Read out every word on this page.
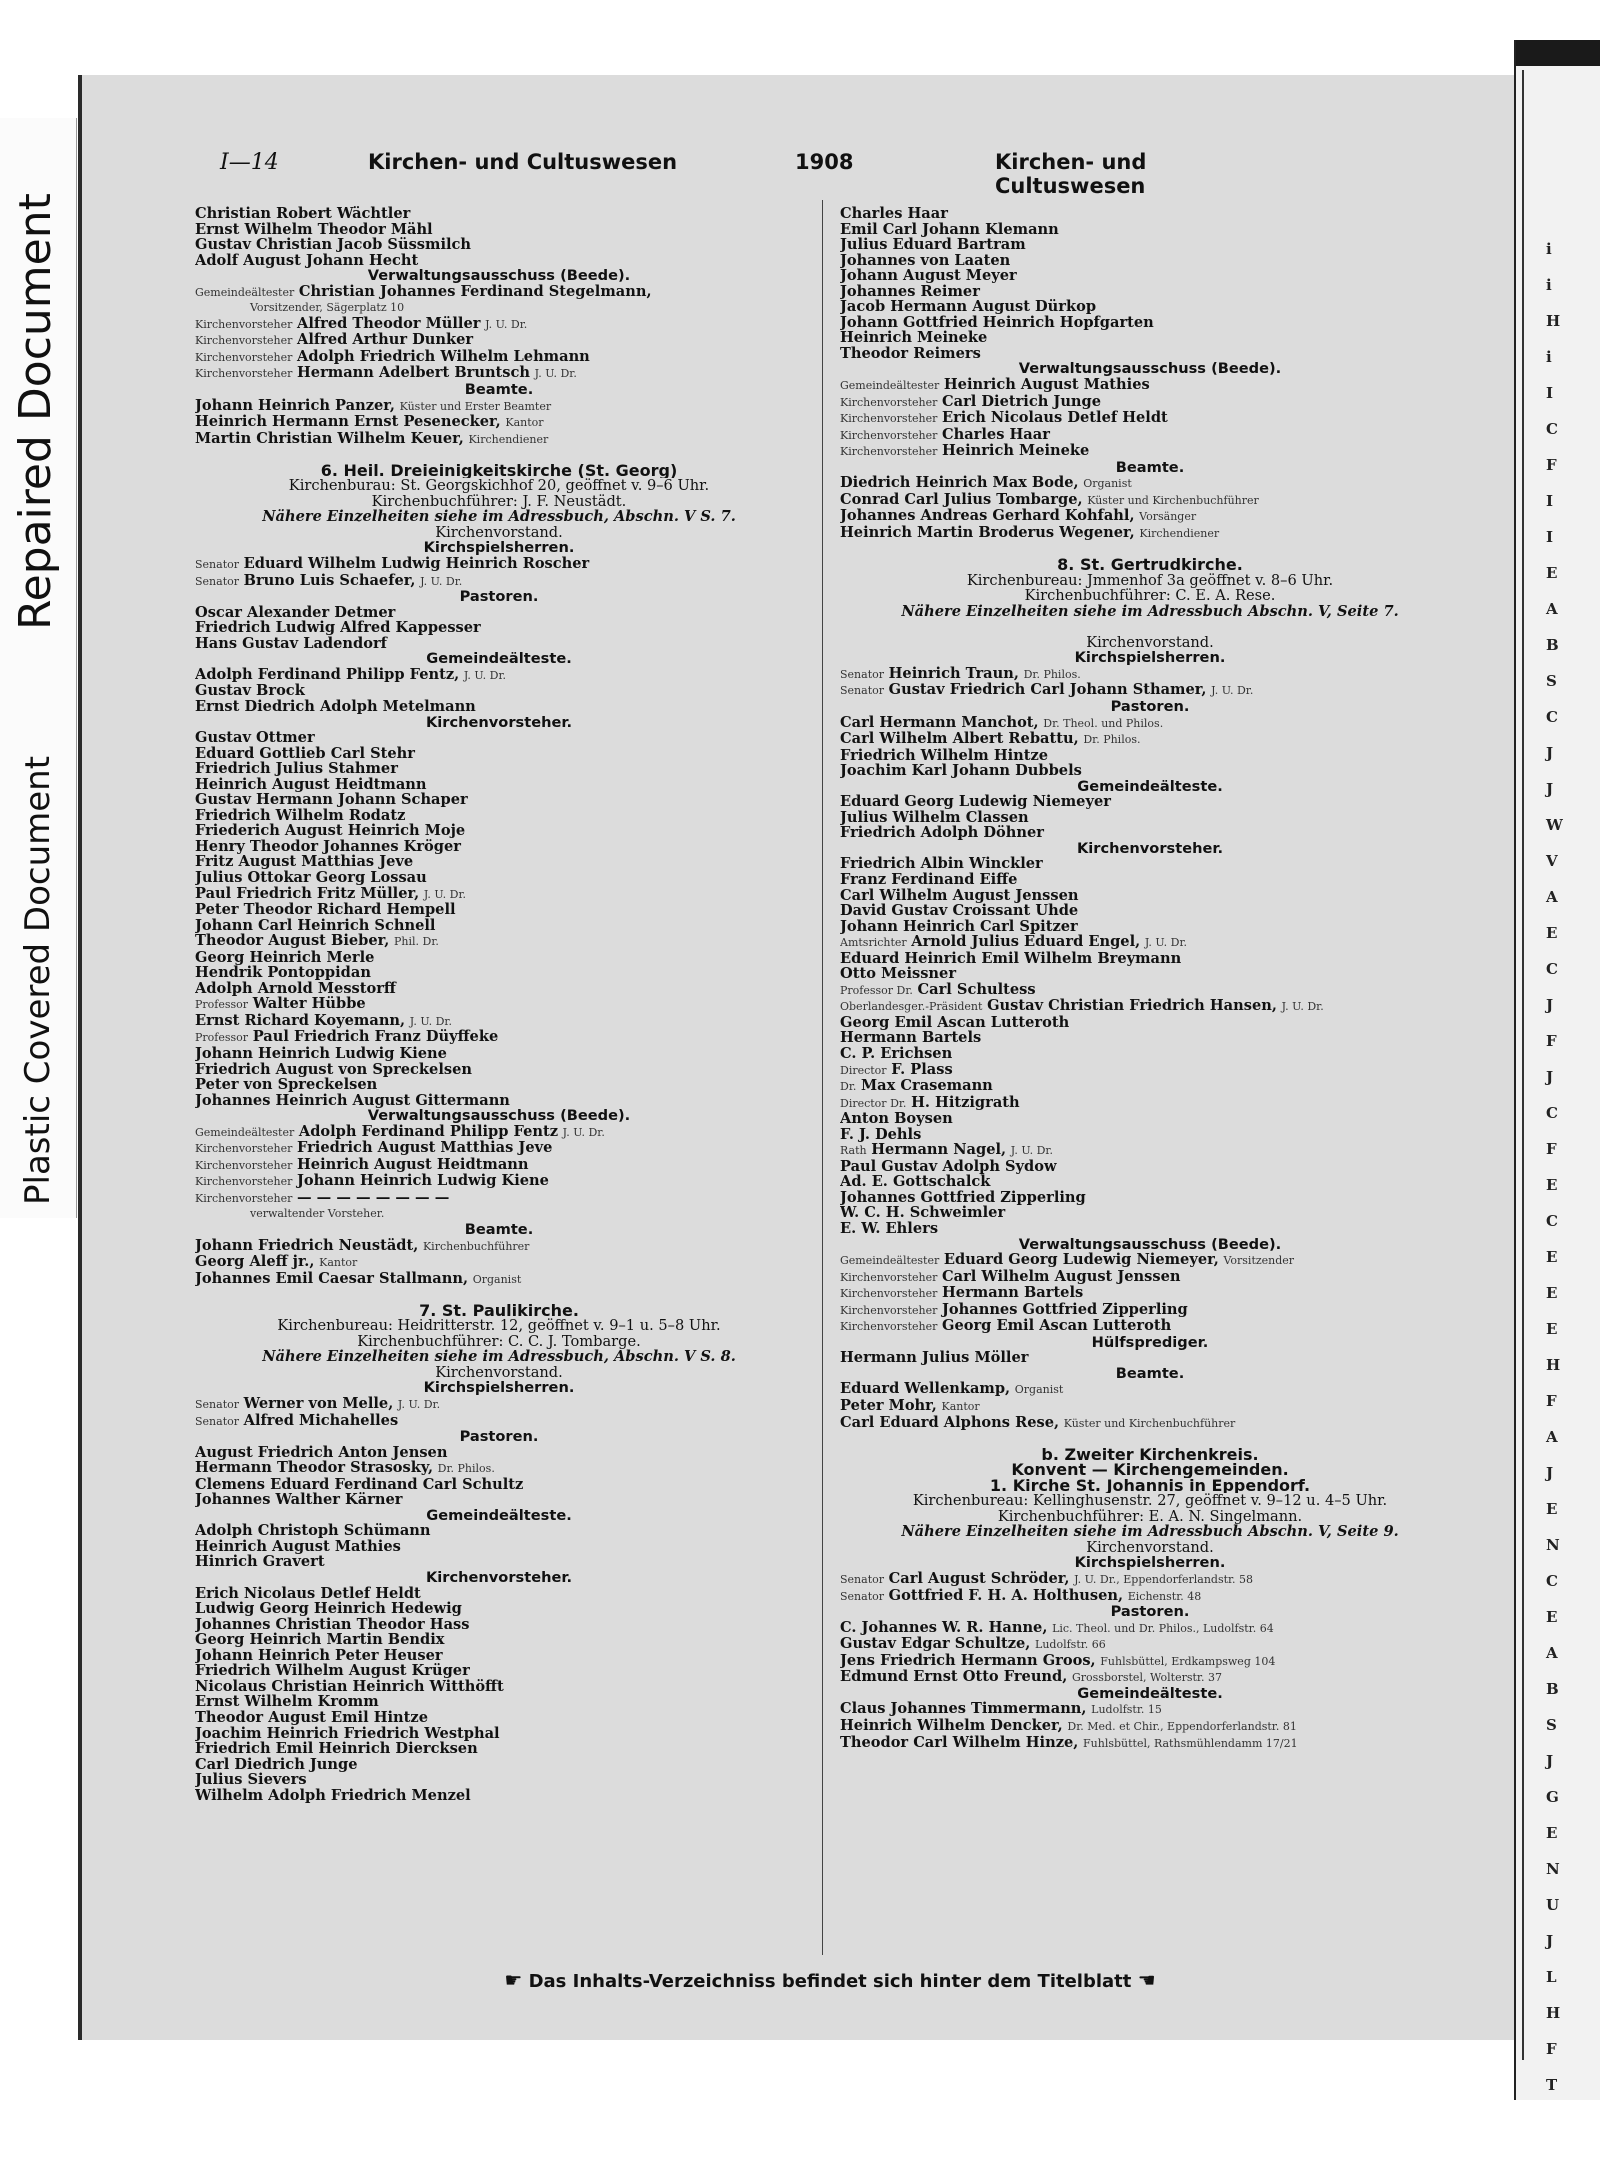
Repaired Document
Plastic Covered Document
i
i
H
i
I
C
F
I
I
E
A
B
S
C
J
J
W
V
A
E
C
J
F
J
C
F
E
C
E
E
E
H
F
A
J
E
N
C
E
A
B
S
J
G
E
N
U
J
L
H
F
T
I—14	Kirchen- und Cultuswesen	1908	Kirchen- und Cultuswesen
Christian Robert Wächtler
Ernst Wilhelm Theodor Mähl
Gustav Christian Jacob Süssmilch
Adolf August Johann Hecht
Verwaltungsausschuss (Beede).
Gemeindeältester Christian Johannes Ferdinand Stegelmann,
Vorsitzender, Sägerplatz 10
Kirchenvorsteher Alfred Theodor Müller J. U. Dr.
Kirchenvorsteher Alfred Arthur Dunker
Kirchenvorsteher Adolph Friedrich Wilhelm Lehmann
Kirchenvorsteher Hermann Adelbert Bruntsch J. U. Dr.
Beamte.
Johann Heinrich Panzer, Küster und Erster Beamter
Heinrich Hermann Ernst Pesenecker, Kantor
Martin Christian Wilhelm Keuer, Kirchendiener

6. Heil. Dreieinigkeitskirche (St. Georg)
Kirchenburau: St. Georgskichhof 20, geöffnet v. 9–6 Uhr.
Kirchenbuchführer: J. F. Neustädt.
Nähere Einzelheiten siehe im Adressbuch, Abschn. V S. 7.
Kirchenvorstand.
Kirchspielsherren.
Senator Eduard Wilhelm Ludwig Heinrich Roscher
Senator Bruno Luis Schaefer, J. U. Dr.
Pastoren.
Oscar Alexander Detmer
Friedrich Ludwig Alfred Kappesser
Hans Gustav Ladendorf
Gemeindeälteste.
Adolph Ferdinand Philipp Fentz, J. U. Dr.
Gustav Brock
Ernst Diedrich Adolph Metelmann
Kirchenvorsteher.
Gustav Ottmer
Eduard Gottlieb Carl Stehr
Friedrich Julius Stahmer
Heinrich August Heidtmann
Gustav Hermann Johann Schaper
Friedrich Wilhelm Rodatz
Friederich August Heinrich Moje
Henry Theodor Johannes Kröger
Fritz August Matthias Jeve
Julius Ottokar Georg Lossau
Paul Friedrich Fritz Müller, J. U. Dr.
Peter Theodor Richard Hempell
Johann Carl Heinrich Schnell
Theodor August Bieber, Phil. Dr.
Georg Heinrich Merle
Hendrik Pontoppidan
Adolph Arnold Messtorff
Professor Walter Hübbe
Ernst Richard Koyemann, J. U. Dr.
Professor Paul Friedrich Franz Düyffeke
Johann Heinrich Ludwig Kiene
Friedrich August von Spreckelsen
Peter von Spreckelsen
Johannes Heinrich August Gittermann
Verwaltungsausschuss (Beede).
Gemeindeältester Adolph Ferdinand Philipp Fentz J. U. Dr.
Kirchenvorsteher Friedrich August Matthias Jeve
Kirchenvorsteher Heinrich August Heidtmann
Kirchenvorsteher Johann Heinrich Ludwig Kiene
Kirchenvorsteher — — — — — — — —
verwaltender Vorsteher.
Beamte.
Johann Friedrich Neustädt, Kirchenbuchführer
Georg Aleff jr., Kantor
Johannes Emil Caesar Stallmann, Organist

7. St. Paulikirche.
Kirchenbureau: Heidritterstr. 12, geöffnet v. 9–1 u. 5–8 Uhr.
Kirchenbuchführer: C. C. J. Tombarge.
Nähere Einzelheiten siehe im Adressbuch, Abschn. V S. 8.
Kirchenvorstand.
Kirchspielsherren.
Senator Werner von Melle, J. U. Dr.
Senator Alfred Michahelles
Pastoren.
August Friedrich Anton Jensen
Hermann Theodor Strasosky, Dr. Philos.
Clemens Eduard Ferdinand Carl Schultz
Johannes Walther Kärner
Gemeindeälteste.
Adolph Christoph Schümann
Heinrich August Mathies
Hinrich Gravert
Kirchenvorsteher.
Erich Nicolaus Detlef Heldt
Ludwig Georg Heinrich Hedewig
Johannes Christian Theodor Hass
Georg Heinrich Martin Bendix
Johann Heinrich Peter Heuser
Friedrich Wilhelm August Krüger
Nicolaus Christian Heinrich Witthöfft
Ernst Wilhelm Kromm
Theodor August Emil Hintze
Joachim Heinrich Friedrich Westphal
Friedrich Emil Heinrich Diercksen
Carl Diedrich Junge
Julius Sievers
Wilhelm Adolph Friedrich Menzel
Charles Haar
Emil Carl Johann Klemann
Julius Eduard Bartram
Johannes von Laaten
Johann August Meyer
Johannes Reimer
Jacob Hermann August Dürkop
Johann Gottfried Heinrich Hopfgarten
Heinrich Meineke
Theodor Reimers
Verwaltungsausschuss (Beede).
Gemeindeältester Heinrich August Mathies
Kirchenvorsteher Carl Dietrich Junge
Kirchenvorsteher Erich Nicolaus Detlef Heldt
Kirchenvorsteher Charles Haar
Kirchenvorsteher Heinrich Meineke
Beamte.
Diedrich Heinrich Max Bode, Organist
Conrad Carl Julius Tombarge, Küster und Kirchenbuchführer
Johannes Andreas Gerhard Kohfahl, Vorsänger
Heinrich Martin Broderus Wegener, Kirchendiener

8. St. Gertrudkirche.
Kirchenbureau: Jmmenhof 3a geöffnet v. 8–6 Uhr.
Kirchenbuchführer: C. E. A. Rese.
Nähere Einzelheiten siehe im Adressbuch Abschn. V, Seite 7.

Kirchenvorstand.
Kirchspielsherren.
Senator Heinrich Traun, Dr. Philos.
Senator Gustav Friedrich Carl Johann Sthamer, J. U. Dr.
Pastoren.
Carl Hermann Manchot, Dr. Theol. und Philos.
Carl Wilhelm Albert Rebattu, Dr. Philos.
Friedrich Wilhelm Hintze
Joachim Karl Johann Dubbels
Gemeindeälteste.
Eduard Georg Ludewig Niemeyer
Julius Wilhelm Classen
Friedrich Adolph Döhner
Kirchenvorsteher.
Friedrich Albin Winckler
Franz Ferdinand Eiffe
Carl Wilhelm August Jenssen
David Gustav Croissant Uhde
Johann Heinrich Carl Spitzer
Amtsrichter Arnold Julius Eduard Engel, J. U. Dr.
Eduard Heinrich Emil Wilhelm Breymann
Otto Meissner
Professor Dr. Carl Schultess
Oberlandesger.-Präsident Gustav Christian Friedrich Hansen, J. U. Dr.
Georg Emil Ascan Lutteroth
Hermann Bartels
C. P. Erichsen
Director F. Plass
Dr. Max Crasemann
Director Dr. H. Hitzigrath
Anton Boysen
F. J. Dehls
Rath Hermann Nagel, J. U. Dr.
Paul Gustav Adolph Sydow
Ad. E. Gottschalck
Johannes Gottfried Zipperling
W. C. H. Schweimler
E. W. Ehlers
Verwaltungsausschuss (Beede).
Gemeindeältester Eduard Georg Ludewig Niemeyer, Vorsitzender
Kirchenvorsteher Carl Wilhelm August Jenssen
Kirchenvorsteher Hermann Bartels
Kirchenvorsteher Johannes Gottfried Zipperling
Kirchenvorsteher Georg Emil Ascan Lutteroth
Hülfsprediger.
Hermann Julius Möller
Beamte.
Eduard Wellenkamp, Organist
Peter Mohr, Kantor
Carl Eduard Alphons Rese, Küster und Kirchenbuchführer

b. Zweiter Kirchenkreis.
Konvent — Kirchengemeinden.
1. Kirche St. Johannis in Eppendorf.
Kirchenbureau: Kellinghusenstr. 27, geöffnet v. 9–12 u. 4–5 Uhr.
Kirchenbuchführer: E. A. N. Singelmann.
Nähere Einzelheiten siehe im Adressbuch Abschn. V, Seite 9.
Kirchenvorstand.
Kirchspielsherren.
Senator Carl August Schröder, J. U. Dr., Eppendorferlandstr. 58
Senator Gottfried F. H. A. Holthusen, Eichenstr. 48
Pastoren.
C. Johannes W. R. Hanne, Lic. Theol. und Dr. Philos., Ludolfstr. 64
Gustav Edgar Schultze, Ludolfstr. 66
Jens Friedrich Hermann Groos, Fuhlsbüttel, Erdkampsweg 104
Edmund Ernst Otto Freund, Grossborstel, Wolterstr. 37
Gemeindeälteste.
Claus Johannes Timmermann, Ludolfstr. 15
Heinrich Wilhelm Dencker, Dr. Med. et Chir., Eppendorferlandstr. 81
Theodor Carl Wilhelm Hinze, Fuhlsbüttel, Rathsmühlendamm 17/21
☛ Das Inhalts-Verzeichniss befindet sich hinter dem Titelblatt ☚
